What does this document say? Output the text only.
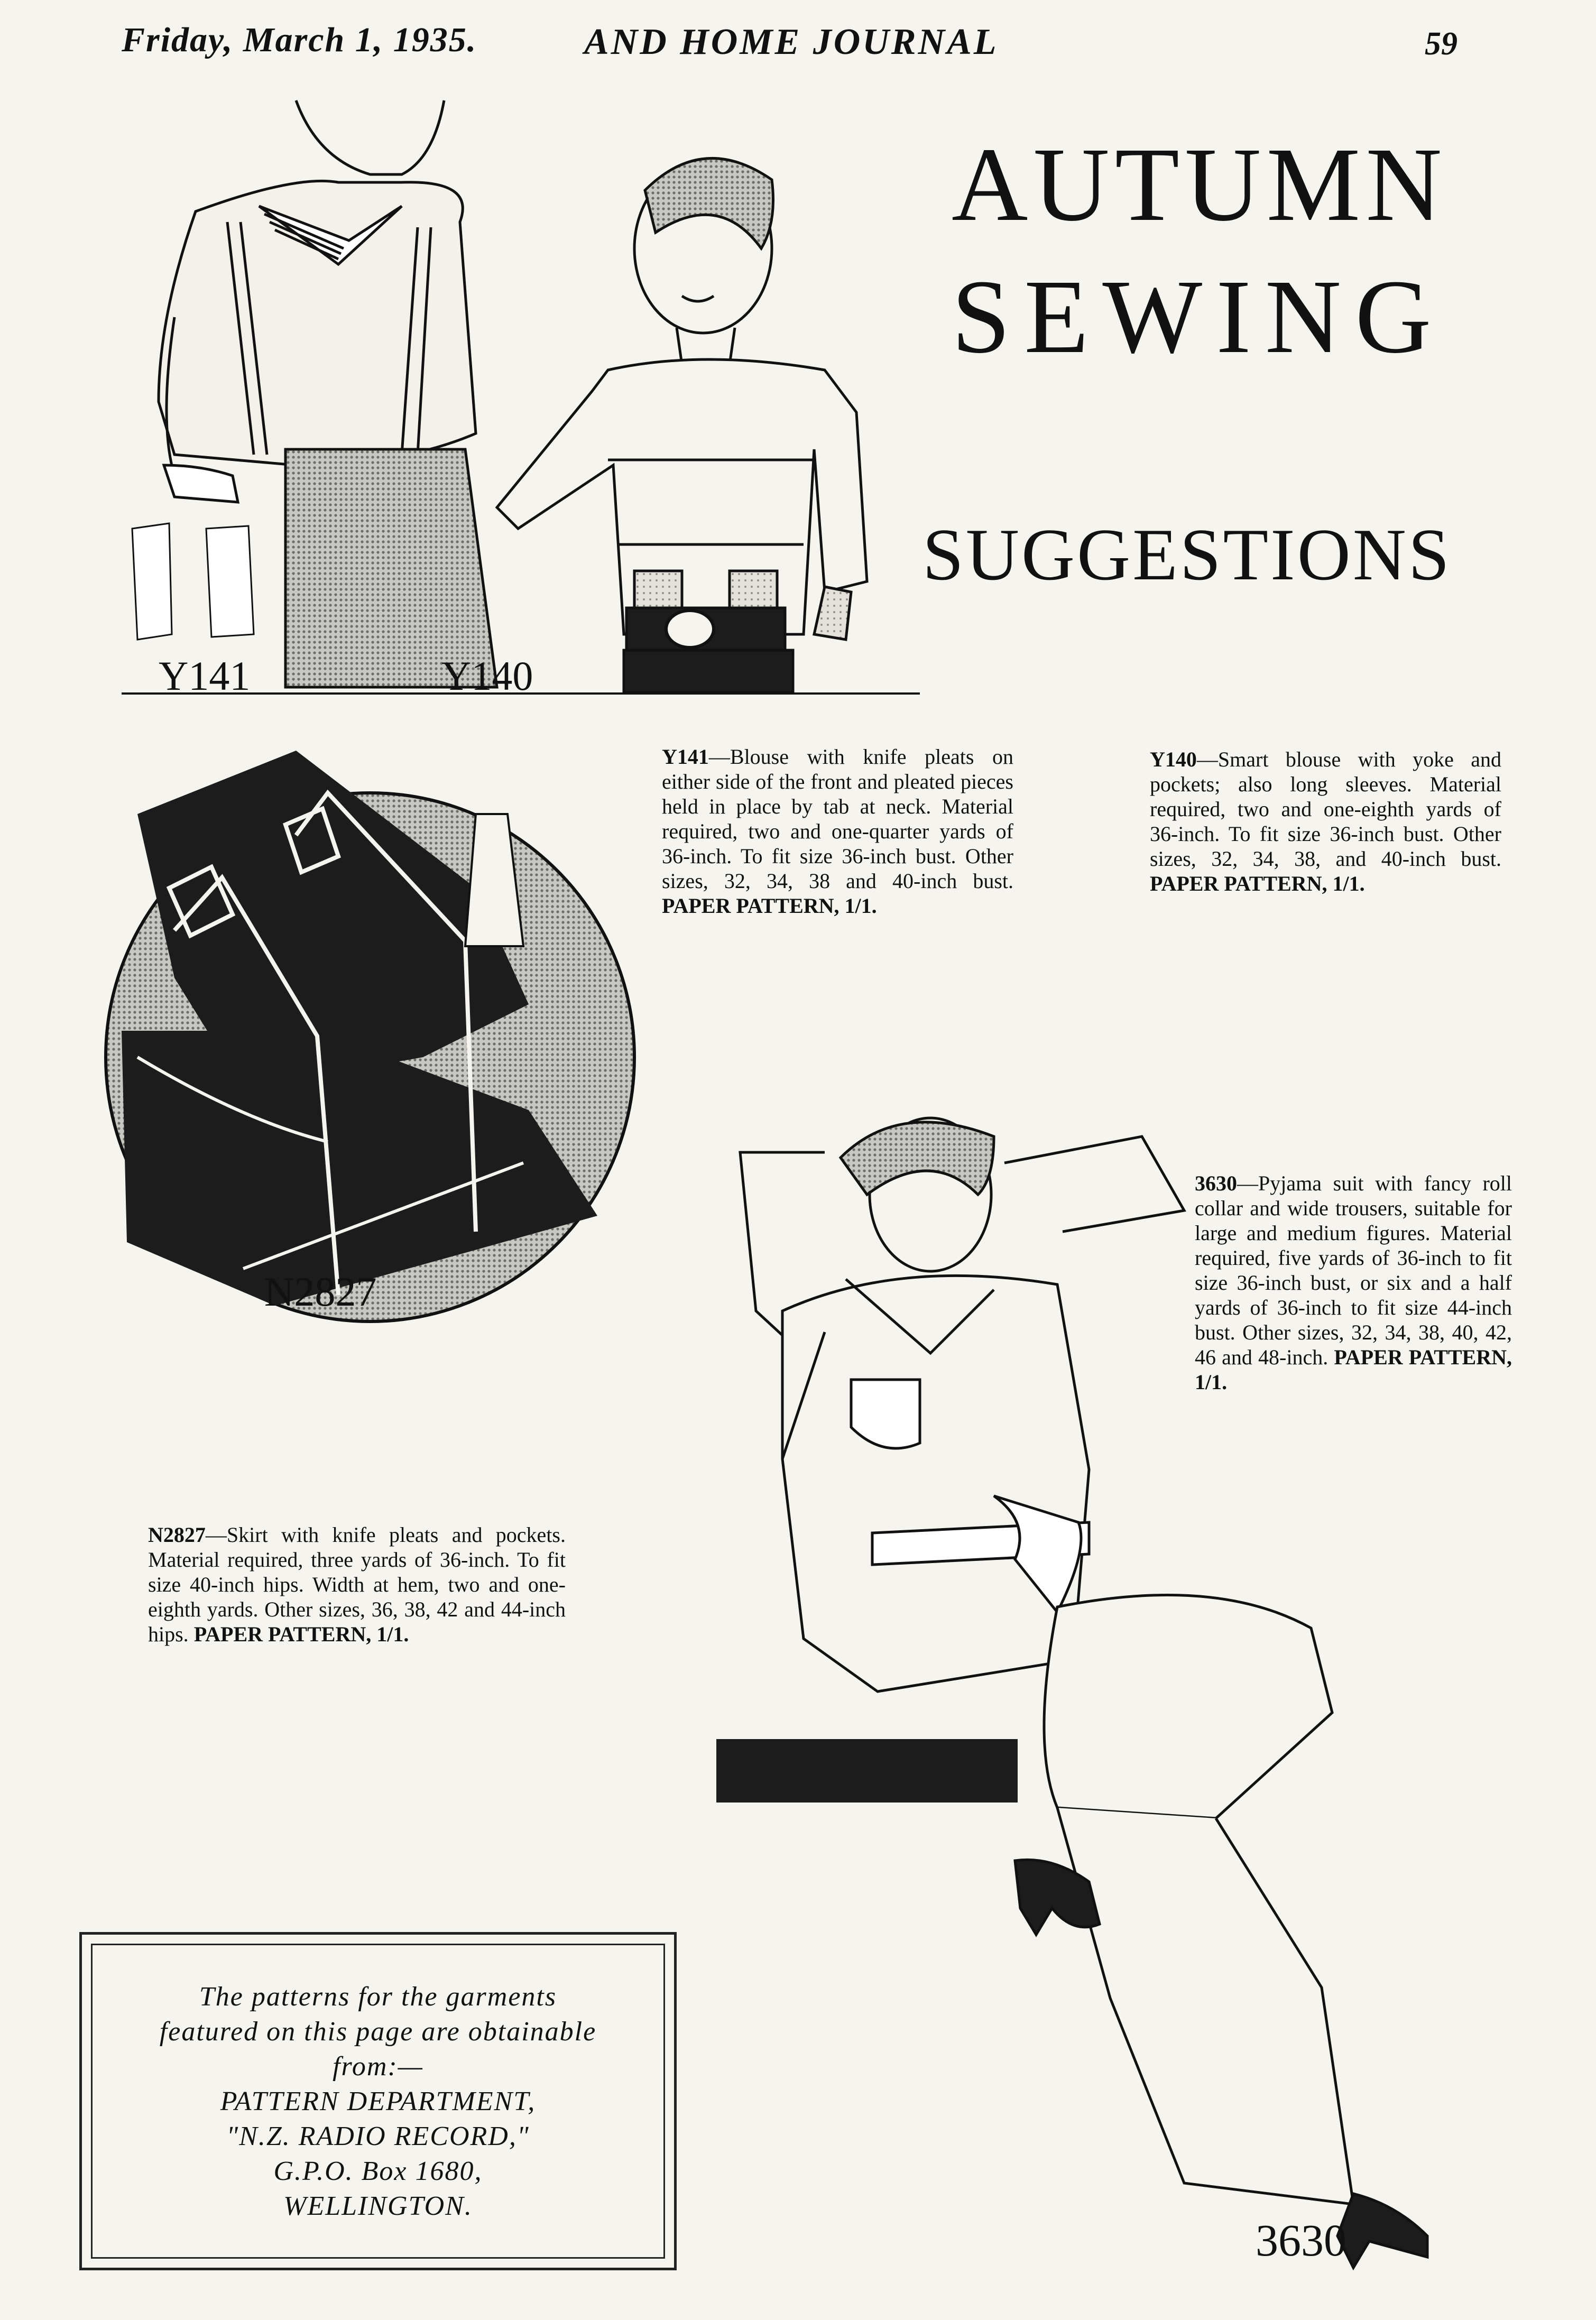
Friday, March 1, 1935.	AND HOME JOURNAL	59
AUTUMN
SEWING
SUGGESTIONS
Y141	Y140
N2827
3630

Y141—Blouse with knife pleats on either side of the front and pleated pieces held in place by tab at neck. Material required, two and one-quarter yards of 36-inch. To fit size 36-inch bust. Other sizes, 32, 34, 38 and 40-inch bust. PAPER PATTERN, 1/1.

Y140—Smart blouse with yoke and pockets; also long sleeves. Material required, two and one-eighth yards of 36-inch. To fit size 36-inch bust. Other sizes, 32, 34, 38, and 40-inch bust. PAPER PATTERN, 1/1.

3630—Pyjama suit with fancy roll collar and wide trousers, suitable for large and medium figures. Material required, five yards of 36-inch to fit size 36-inch bust, or six and a half yards of 36-inch to fit size 44-inch bust. Other sizes, 32, 34, 38, 40, 42, 46 and 48-inch. PAPER PATTERN, 1/1.

N2827—Skirt with knife pleats and pockets. Material required, three yards of 36-inch. To fit size 40-inch hips. Width at hem, two and one-eighth yards. Other sizes, 36, 38, 42 and 44-inch hips. PAPER PATTERN, 1/1.

The patterns for the garments
featured on this page are obtainable
from:—
PATTERN DEPARTMENT,
"N.Z. RADIO RECORD,"
G.P.O. Box 1680,
WELLINGTON.
